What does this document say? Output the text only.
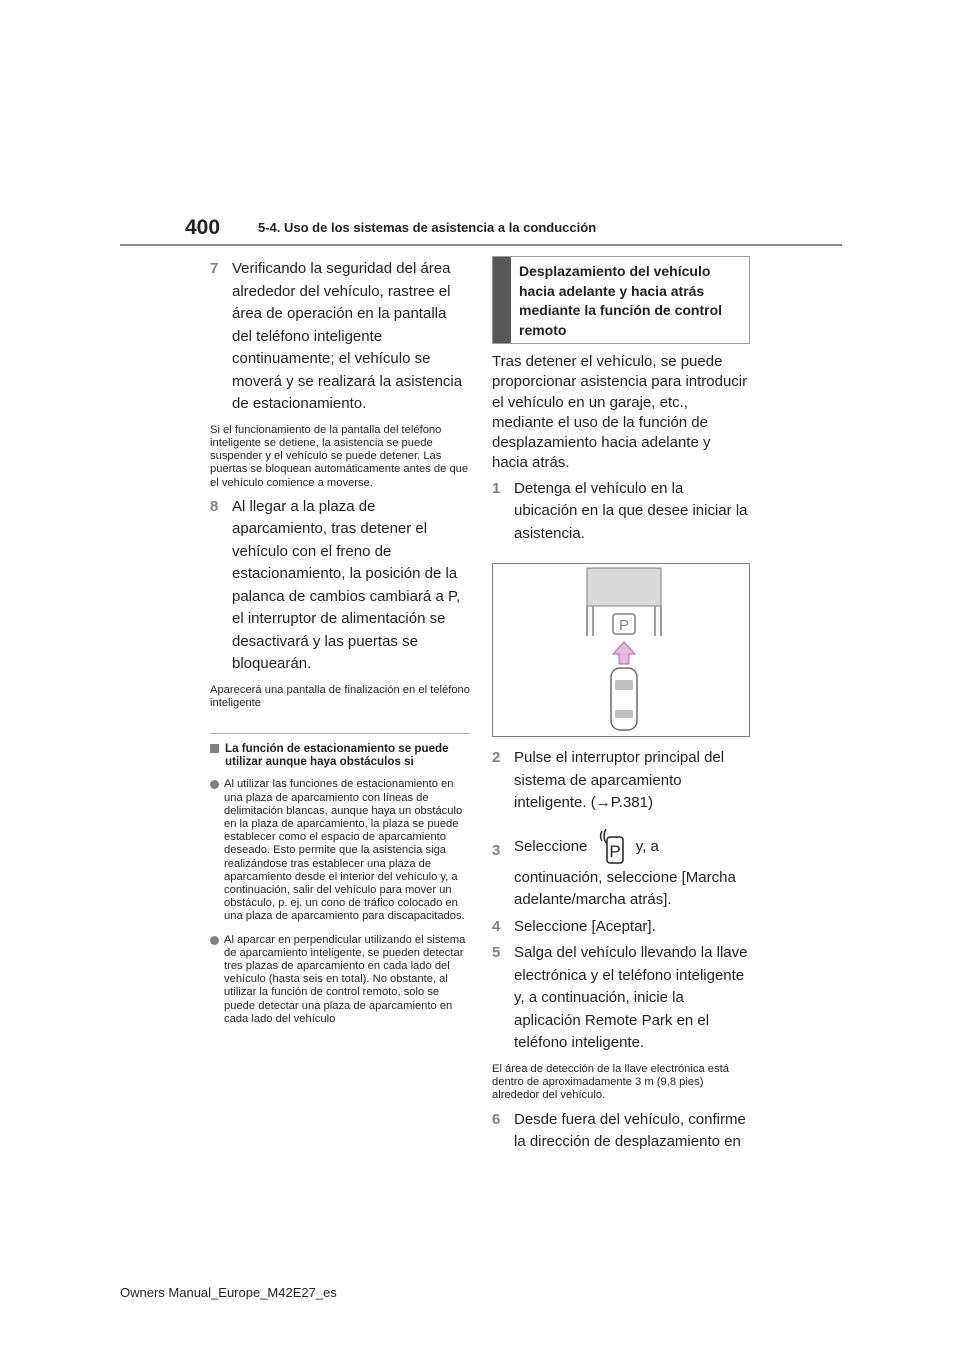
400	5-4. Uso de los sistemas de asistencia a la conducción
7 Verificando la seguridad del área alrededor del vehículo, rastree el área de operación en la pantalla del teléfono inteligente continuamente; el vehículo se moverá y se realizará la asistencia de estacionamiento.
Si el funcionamiento de la pantalla del teléfono inteligente se detiene, la asistencia se puede suspender y el vehículo se puede detener. Las puertas se bloquean automáticamente antes de que el vehículo comience a moverse.
8 Al llegar a la plaza de aparcamiento, tras detener el vehículo con el freno de estacionamiento, la posición de la palanca de cambios cambiará a P, el interruptor de alimentación se desactivará y las puertas se bloquearán.
Aparecerá una pantalla de finalización en el teléfono inteligente
La función de estacionamiento se puede utilizar aunque haya obstáculos si
Al utilizar las funciones de estacionamiento en una plaza de aparcamiento con líneas de delimitación blancas, aunque haya un obstáculo en la plaza de aparcamiento, la plaza se puede establecer como el espacio de aparcamiento deseado. Esto permite que la asistencia siga realizándose tras establecer una plaza de aparcamiento desde el interior del vehículo y, a continuación, salir del vehículo para mover un obstáculo, p. ej. un cono de tráfico colocado en una plaza de aparcamiento para discapacitados.
Al aparcar en perpendicular utilizando el sistema de aparcamiento inteligente, se pueden detectar tres plazas de aparcamiento en cada lado del vehículo (hasta seis en total). No obstante, al utilizar la función de control remoto, solo se puede detectar una plaza de aparcamiento en cada lado del vehículo
Desplazamiento del vehículo hacia adelante y hacia atrás mediante la función de control remoto
Tras detener el vehículo, se puede proporcionar asistencia para introducir el vehículo en un garaje, etc., mediante el uso de la función de desplazamiento hacia adelante y hacia atrás.
1 Detenga el vehículo en la ubicación en la que desee iniciar la asistencia.
P
2 Pulse el interruptor principal del sistema de aparcamiento inteligente. (→P.381)
3 Seleccione P y, a continuación, seleccione [Marcha adelante/marcha atrás].
4 Seleccione [Aceptar].
5 Salga del vehículo llevando la llave electrónica y el teléfono inteligente y, a continuación, inicie la aplicación Remote Park en el teléfono inteligente.
El área de detección de la llave electrónica está dentro de aproximadamente 3 m (9,8 pies) alrededor del vehículo.
6 Desde fuera del vehículo, confirme la dirección de desplazamiento en
Owners Manual_Europe_M42E27_es
